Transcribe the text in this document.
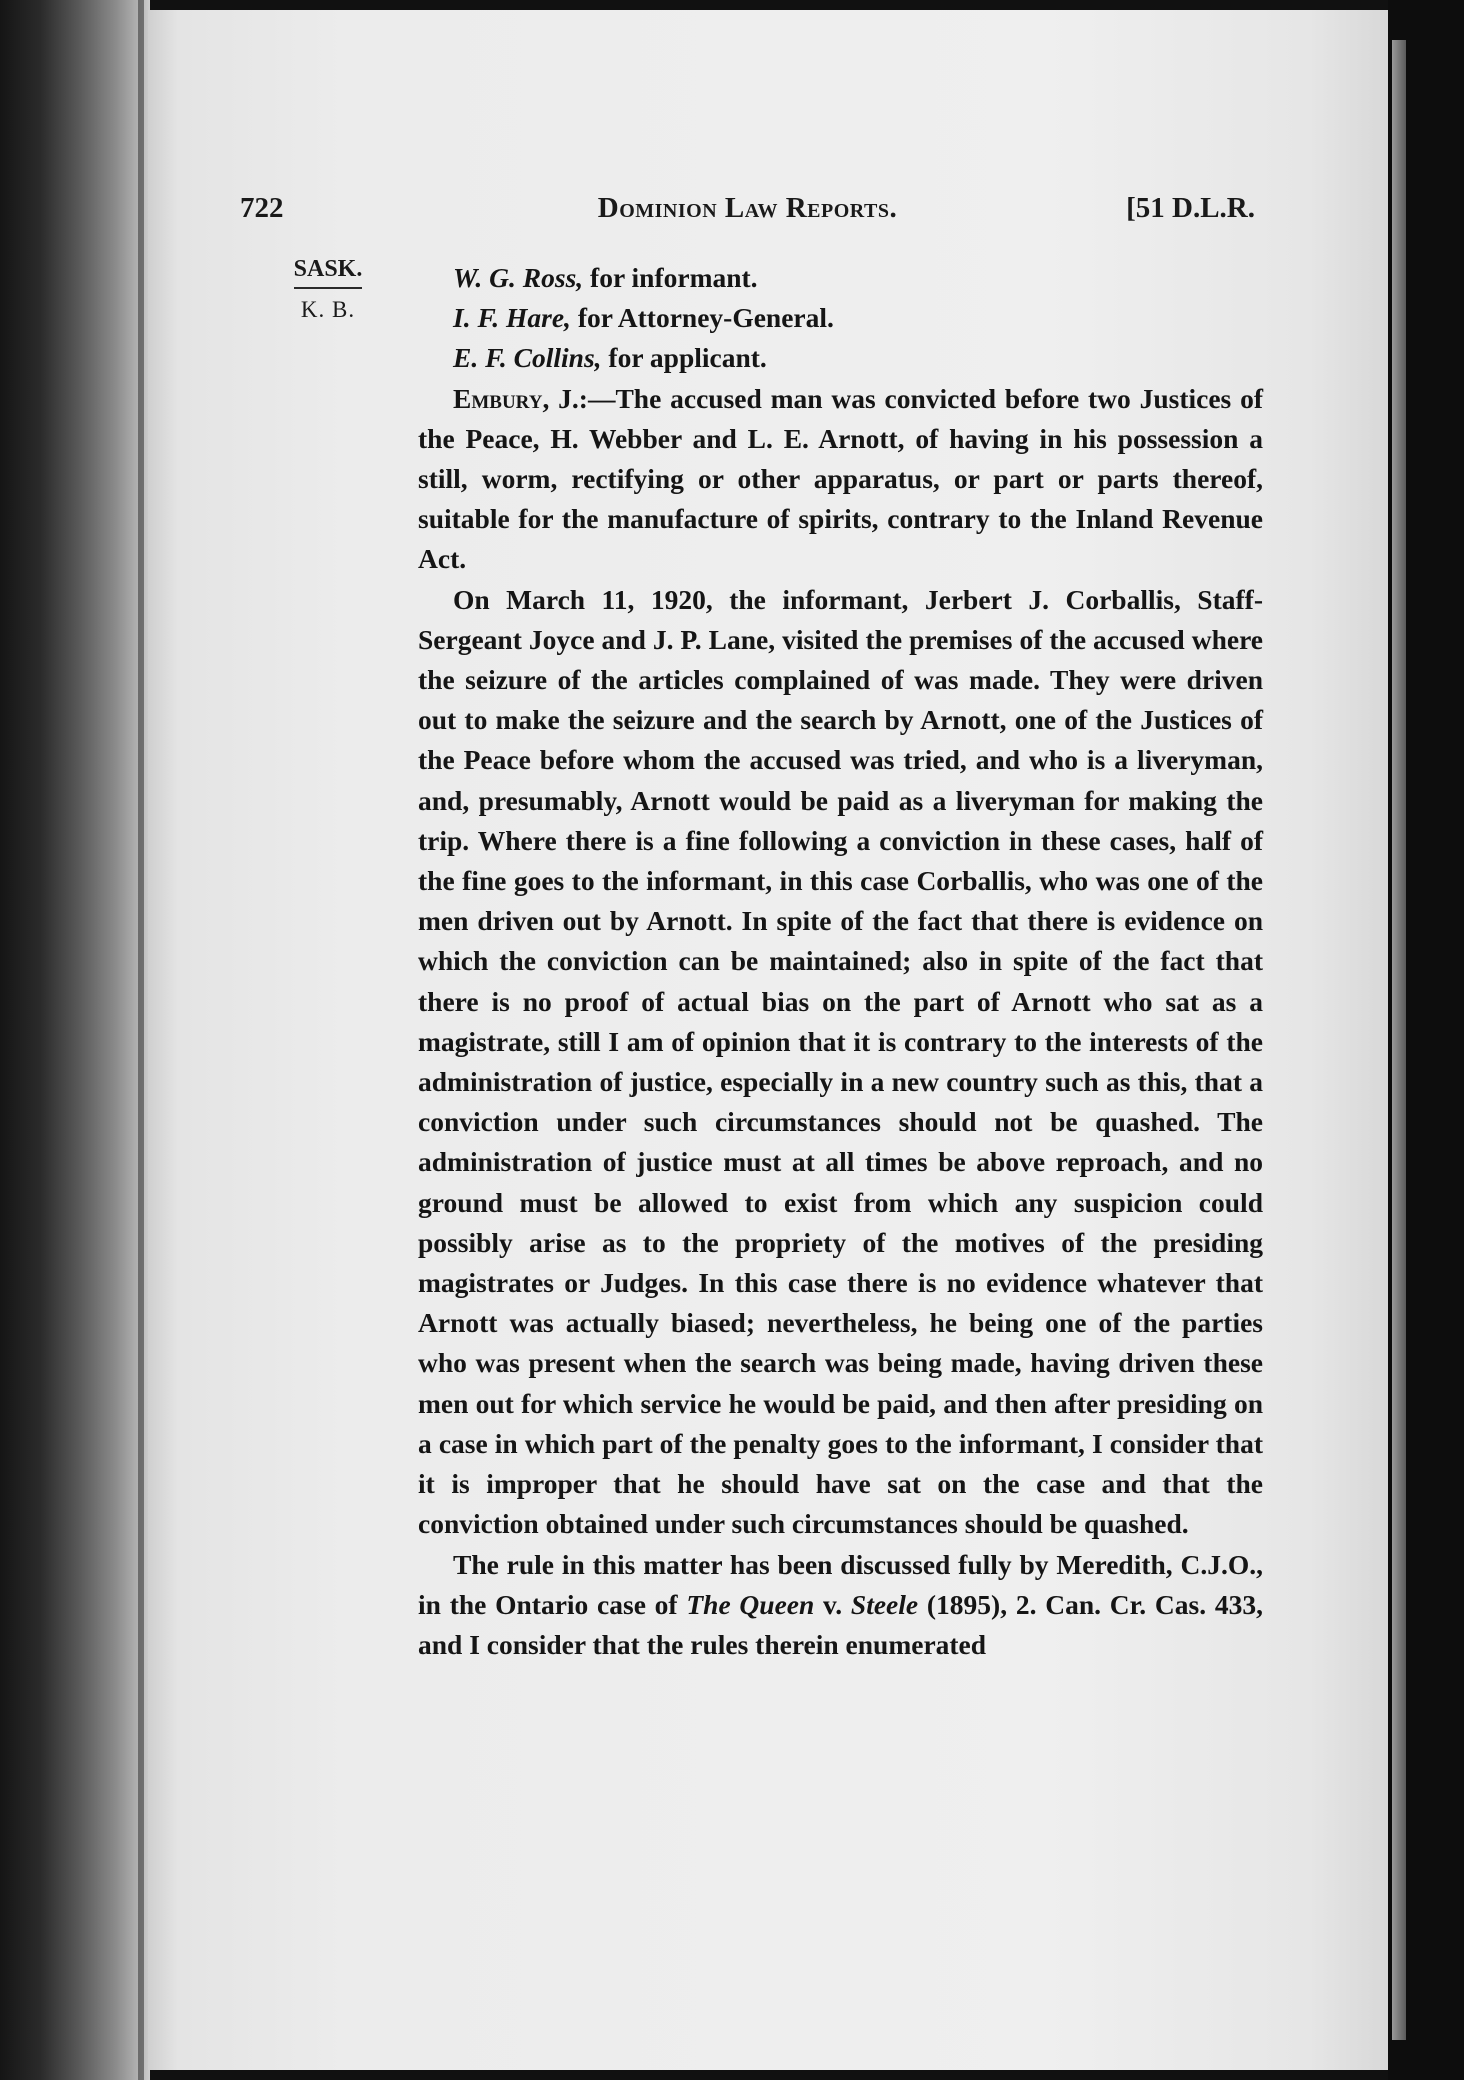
722	Dominion Law Reports.	[51 D.L.R.
SASK.
K. B.

W. G. Ross, for informant.

I. F. Hare, for Attorney-General.

E. F. Collins, for applicant.

Embury, J.:—The accused man was convicted before two Justices of the Peace, H. Webber and L. E. Arnott, of having in his possession a still, worm, rectifying or other apparatus, or part or parts thereof, suitable for the manufacture of spirits, contrary to the Inland Revenue Act.

On March 11, 1920, the informant, Jerbert J. Corballis, Staff-Sergeant Joyce and J. P. Lane, visited the premises of the accused where the seizure of the articles complained of was made. They were driven out to make the seizure and the search by Arnott, one of the Justices of the Peace before whom the accused was tried, and who is a liveryman, and, presumably, Arnott would be paid as a liveryman for making the trip. Where there is a fine following a conviction in these cases, half of the fine goes to the informant, in this case Corballis, who was one of the men driven out by Arnott. In spite of the fact that there is evidence on which the conviction can be maintained; also in spite of the fact that there is no proof of actual bias on the part of Arnott who sat as a magistrate, still I am of opinion that it is contrary to the interests of the administration of justice, especially in a new country such as this, that a conviction under such circumstances should not be quashed. The administration of justice must at all times be above reproach, and no ground must be allowed to exist from which any suspicion could possibly arise as to the propriety of the motives of the presiding magistrates or Judges. In this case there is no evidence whatever that Arnott was actually biased; nevertheless, he being one of the parties who was present when the search was being made, having driven these men out for which service he would be paid, and then after presiding on a case in which part of the penalty goes to the informant, I consider that it is improper that he should have sat on the case and that the conviction obtained under such circumstances should be quashed.

The rule in this matter has been discussed fully by Meredith, C.J.O., in the Ontario case of The Queen v. Steele (1895), 2. Can. Cr. Cas. 433, and I consider that the rules therein enumerated
